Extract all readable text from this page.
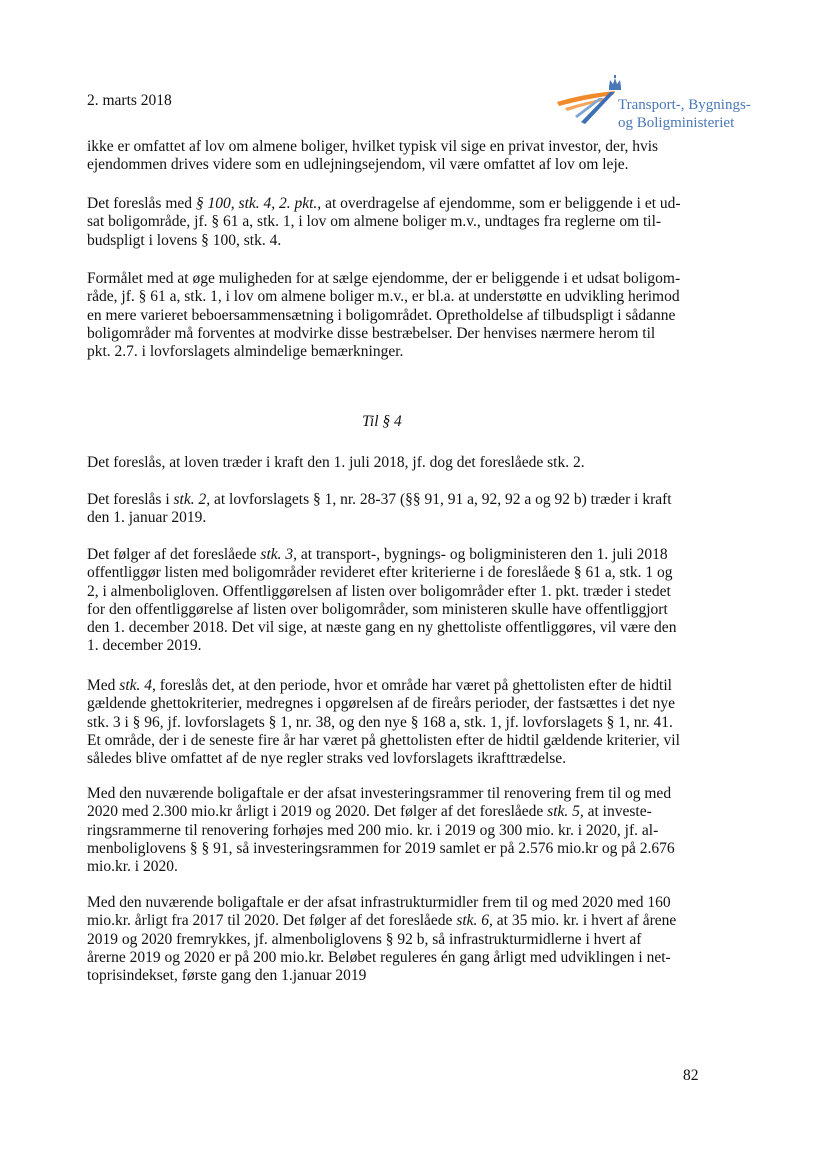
2. marts 2018	Transport-, Bygnings-
og Boligministeriet

ikke er omfattet af lov om almene boliger, hvilket typisk vil sige en privat investor, der, hvis
ejendommen drives videre som en udlejningsejendom, vil være omfattet af lov om leje.

Det foreslås med § 100, stk. 4, 2. pkt., at overdragelse af ejendomme, som er beliggende i et ud-
sat boligområde, jf. § 61 a, stk. 1, i lov om almene boliger m.v., undtages fra reglerne om til-
budspligt i lovens § 100, stk. 4.

Formålet med at øge muligheden for at sælge ejendomme, der er beliggende i et udsat boligom-
råde, jf. § 61 a, stk. 1, i lov om almene boliger m.v., er bl.a. at understøtte en udvikling herimod
en mere varieret beboersammensætning i boligområdet. Opretholdelse af tilbudspligt i sådanne
boligområder må forventes at modvirke disse bestræbelser. Der henvises nærmere herom til
pkt. 2.7. i lovforslagets almindelige bemærkninger.

Til § 4

Det foreslås, at loven træder i kraft den 1. juli 2018, jf. dog det foreslåede stk. 2.

Det foreslås i stk. 2, at lovforslagets § 1, nr. 28-37 (§§ 91, 91 a, 92, 92 a og 92 b) træder i kraft
den 1. januar 2019.

Det følger af det foreslåede stk. 3, at transport-, bygnings- og boligministeren den 1. juli 2018
offentliggør listen med boligområder revideret efter kriterierne i de foreslåede § 61 a, stk. 1 og
2, i almenboligloven. Offentliggørelsen af listen over boligområder efter 1. pkt. træder i stedet
for den offentliggørelse af listen over boligområder, som ministeren skulle have offentliggjort
den 1. december 2018. Det vil sige, at næste gang en ny ghettoliste offentliggøres, vil være den
1. december 2019.

Med stk. 4, foreslås det, at den periode, hvor et område har været på ghettolisten efter de hidtil
gældende ghettokriterier, medregnes i opgørelsen af de fireårs perioder, der fastsættes i det nye
stk. 3 i § 96, jf. lovforslagets § 1, nr. 38, og den nye § 168 a, stk. 1, jf. lovforslagets § 1, nr. 41.
Et område, der i de seneste fire år har været på ghettolisten efter de hidtil gældende kriterier, vil
således blive omfattet af de nye regler straks ved lovforslagets ikrafttrædelse.

Med den nuværende boligaftale er der afsat investeringsrammer til renovering frem til og med
2020 med 2.300 mio.kr årligt i 2019 og 2020. Det følger af det foreslåede stk. 5, at investe-
ringsrammerne til renovering forhøjes med 200 mio. kr. i 2019 og 300 mio. kr. i 2020, jf. al-
menboliglovens § § 91, så investeringsrammen for 2019 samlet er på 2.576 mio.kr og på 2.676
mio.kr. i 2020.

Med den nuværende boligaftale er der afsat infrastrukturmidler frem til og med 2020 med 160
mio.kr. årligt fra 2017 til 2020. Det følger af det foreslåede stk. 6, at 35 mio. kr. i hvert af årene
2019 og 2020 fremrykkes, jf. almenboliglovens § 92 b, så infrastrukturmidlerne i hvert af
årerne 2019 og 2020 er på 200 mio.kr. Beløbet reguleres én gang årligt med udviklingen i net-
toprisindekset, første gang den 1.januar 2019

82
